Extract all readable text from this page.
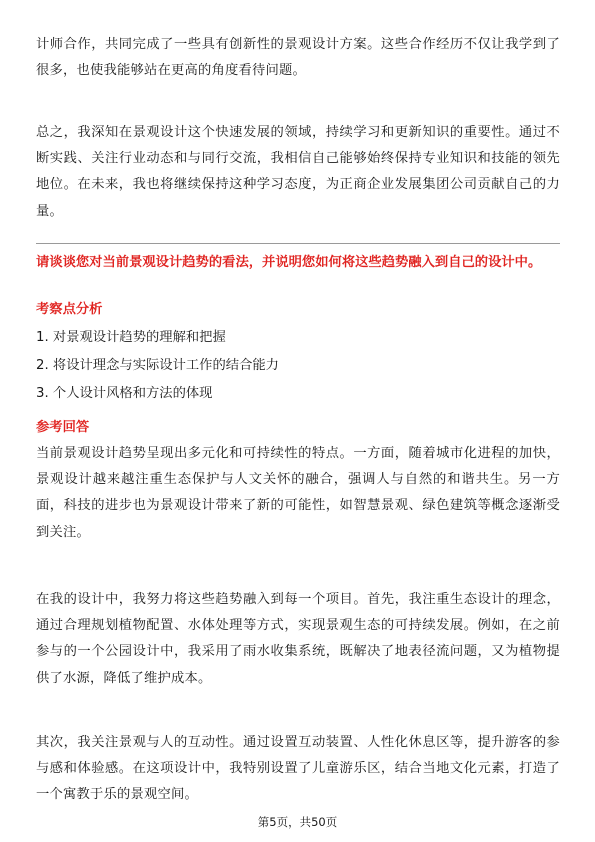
计师合作，共同完成了一些具有创新性的景观设计方案。这些合作经历不仅让我学到了很多，也使我能够站在更高的角度看待问题。

总之，我深知在景观设计这个快速发展的领域，持续学习和更新知识的重要性。通过不断实践、关注行业动态和与同行交流，我相信自己能够始终保持专业知识和技能的领先地位。在未来，我也将继续保持这种学习态度，为正商企业发展集团公司贡献自己的力量。

请谈谈您对当前景观设计趋势的看法，并说明您如何将这些趋势融入到自己的设计中。

考察点分析

1. 对景观设计趋势的理解和把握

2. 将设计理念与实际设计工作的结合能力

3. 个人设计风格和方法的体现

参考回答

当前景观设计趋势呈现出多元化和可持续性的特点。一方面，随着城市化进程的加快，景观设计越来越注重生态保护与人文关怀的融合，强调人与自然的和谐共生。另一方面，科技的进步也为景观设计带来了新的可能性，如智慧景观、绿色建筑等概念逐渐受到关注。

在我的设计中，我努力将这些趋势融入到每一个项目。首先，我注重生态设计的理念，通过合理规划植物配置、水体处理等方式，实现景观生态的可持续发展。例如，在之前参与的一个公园设计中，我采用了雨水收集系统，既解决了地表径流问题，又为植物提供了水源，降低了维护成本。

其次，我关注景观与人的互动性。通过设置互动装置、人性化休息区等，提升游客的参与感和体验感。在这项设计中，我特别设置了儿童游乐区，结合当地文化元素，打造了一个寓教于乐的景观空间。

第5页，共50页
